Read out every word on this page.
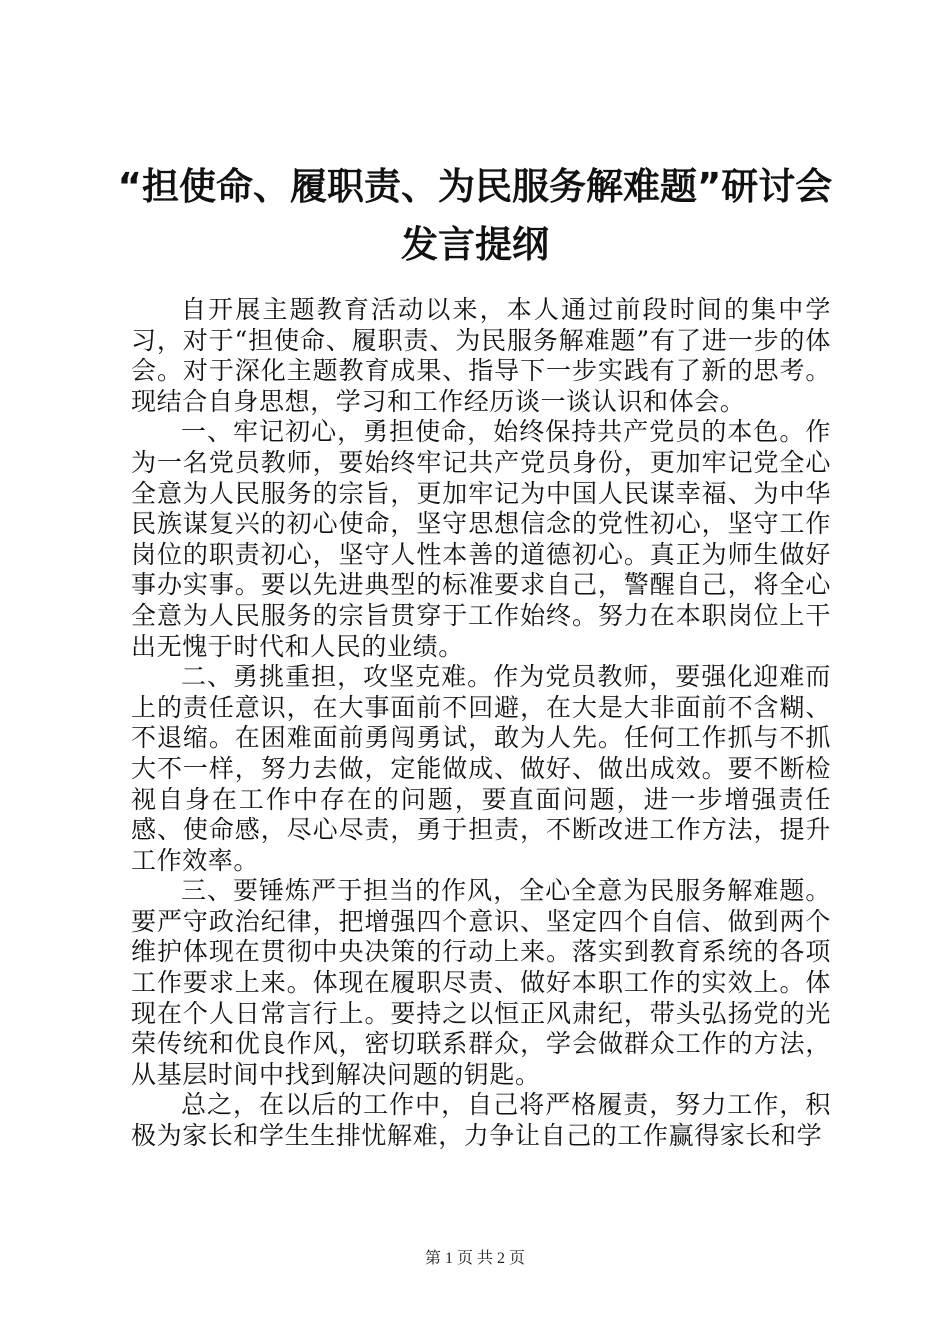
“担使命、履职责、为民服务解难题”研讨会
发言提纲

自开展主题教育活动以来，本人通过前段时间的集中学习，对于“担使命、履职责、为民服务解难题”有了进一步的体会。对于深化主题教育成果、指导下一步实践有了新的思考。现结合自身思想，学习和工作经历谈一谈认识和体会。

一、牢记初心，勇担使命，始终保持共产党员的本色。作为一名党员教师，要始终牢记共产党员身份，更加牢记党全心全意为人民服务的宗旨，更加牢记为中国人民谋幸福、为中华民族谋复兴的初心使命，坚守思想信念的党性初心，坚守工作岗位的职责初心，坚守人性本善的道德初心。真正为师生做好事办实事。要以先进典型的标准要求自己，警醒自己，将全心全意为人民服务的宗旨贯穿于工作始终。努力在本职岗位上干出无愧于时代和人民的业绩。

二、勇挑重担，攻坚克难。作为党员教师，要强化迎难而上的责任意识，在大事面前不回避，在大是大非面前不含糊、不退缩。在困难面前勇闯勇试，敢为人先。任何工作抓与不抓大不一样，努力去做，定能做成、做好、做出成效。要不断检视自身在工作中存在的问题，要直面问题，进一步增强责任感、使命感，尽心尽责，勇于担责，不断改进工作方法，提升工作效率。

三、要锤炼严于担当的作风，全心全意为民服务解难题。要严守政治纪律，把增强四个意识、坚定四个自信、做到两个维护体现在贯彻中央决策的行动上来。落实到教育系统的各项工作要求上来。体现在履职尽责、做好本职工作的实效上。体现在个人日常言行上。要持之以恒正风肃纪，带头弘扬党的光荣传统和优良作风，密切联系群众，学会做群众工作的方法，从基层时间中找到解决问题的钥匙。

总之，在以后的工作中，自己将严格履责，努力工作，积极为家长和学生生排忧解难，力争让自己的工作赢得家长和学

第 1 页 共 2 页
